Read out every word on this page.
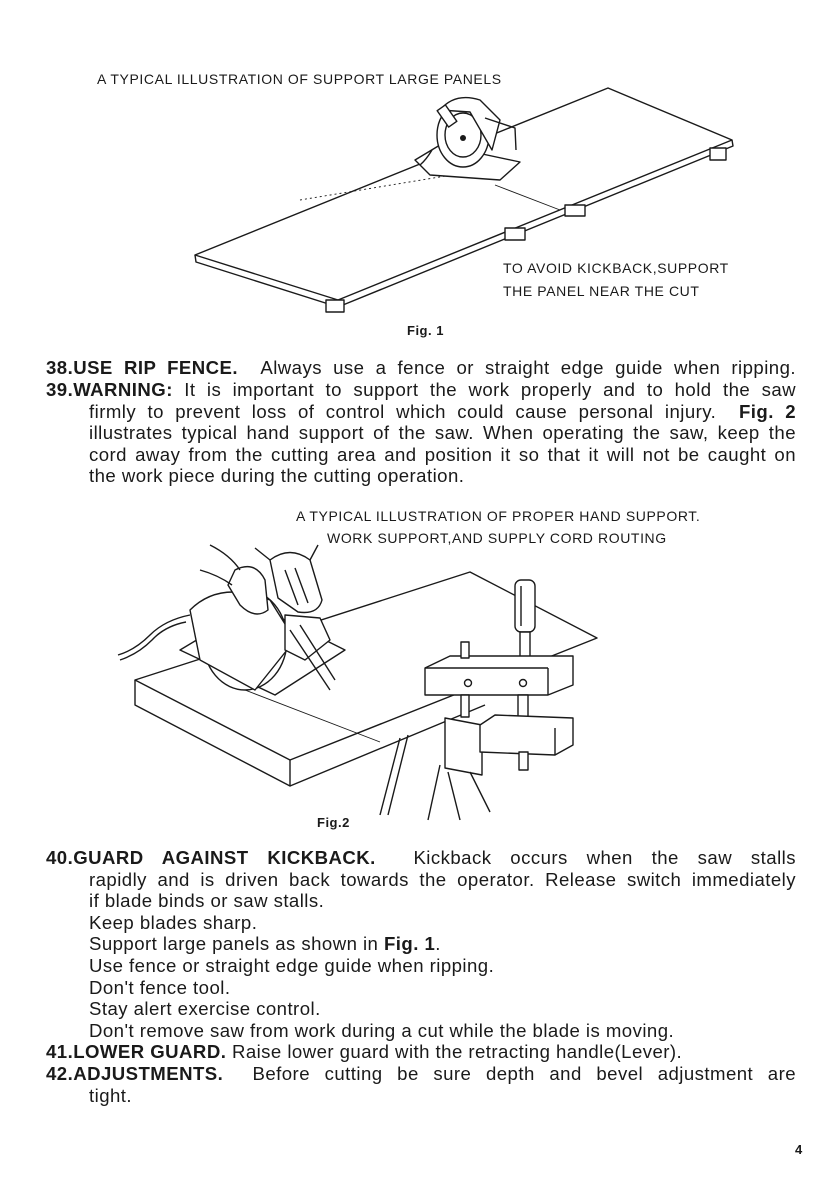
A TYPICAL ILLUSTRATION OF SUPPORT LARGE PANELS
TO AVOID KICKBACK,SUPPORT
THE PANEL NEAR THE CUT
Fig. 1
38.USE RIP FENCE. Always use a fence or straight edge guide when ripping.
39.WARNING: It is important to support the work properly and to hold the saw
firmly to prevent loss of control which could cause personal injury. Fig. 2
illustrates typical hand support of the saw. When operating the saw, keep the
cord away from the cutting area and position it so that it will not be caught on
the work piece during the cutting operation.
A TYPICAL ILLUSTRATION OF PROPER HAND SUPPORT.
WORK SUPPORT,AND SUPPLY CORD ROUTING
Fig.2
40.GUARD AGAINST KICKBACK. Kickback occurs when the saw stalls
rapidly and is driven back towards the operator. Release switch immediately
if blade binds or saw stalls.
Keep blades sharp.
Support large panels as shown in Fig. 1.
Use fence or straight edge guide when ripping.
Don't fence tool.
Stay alert exercise control.
Don't remove saw from work during a cut while the blade is moving.
41.LOWER GUARD. Raise lower guard with the retracting handle(Lever).
42.ADJUSTMENTS. Before cutting be sure depth and bevel adjustment are
tight.
4
